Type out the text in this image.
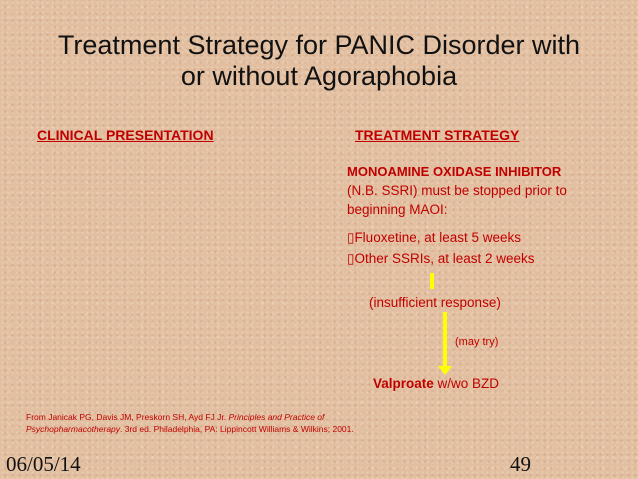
Treatment Strategy for PANIC Disorder with
or without Agoraphobia
CLINICAL PRESENTATION	TREATMENT STRATEGY
MONOAMINE OXIDASE INHIBITOR
(N.B. SSRI) must be stopped prior to
beginning MAOI:
▯Fluoxetine, at least 5 weeks
▯Other SSRIs, at least 2 weeks
(insufficient response)
(may try)
Valproate w/wo BZD
From Janicak PG, Davis JM, Preskorn SH, Ayd FJ Jr. Principles and Practice of
Psychopharmacotherapy. 3rd ed. Philadelphia, PA: Lippincott Williams & Wilkins; 2001.
06/05/14	49
